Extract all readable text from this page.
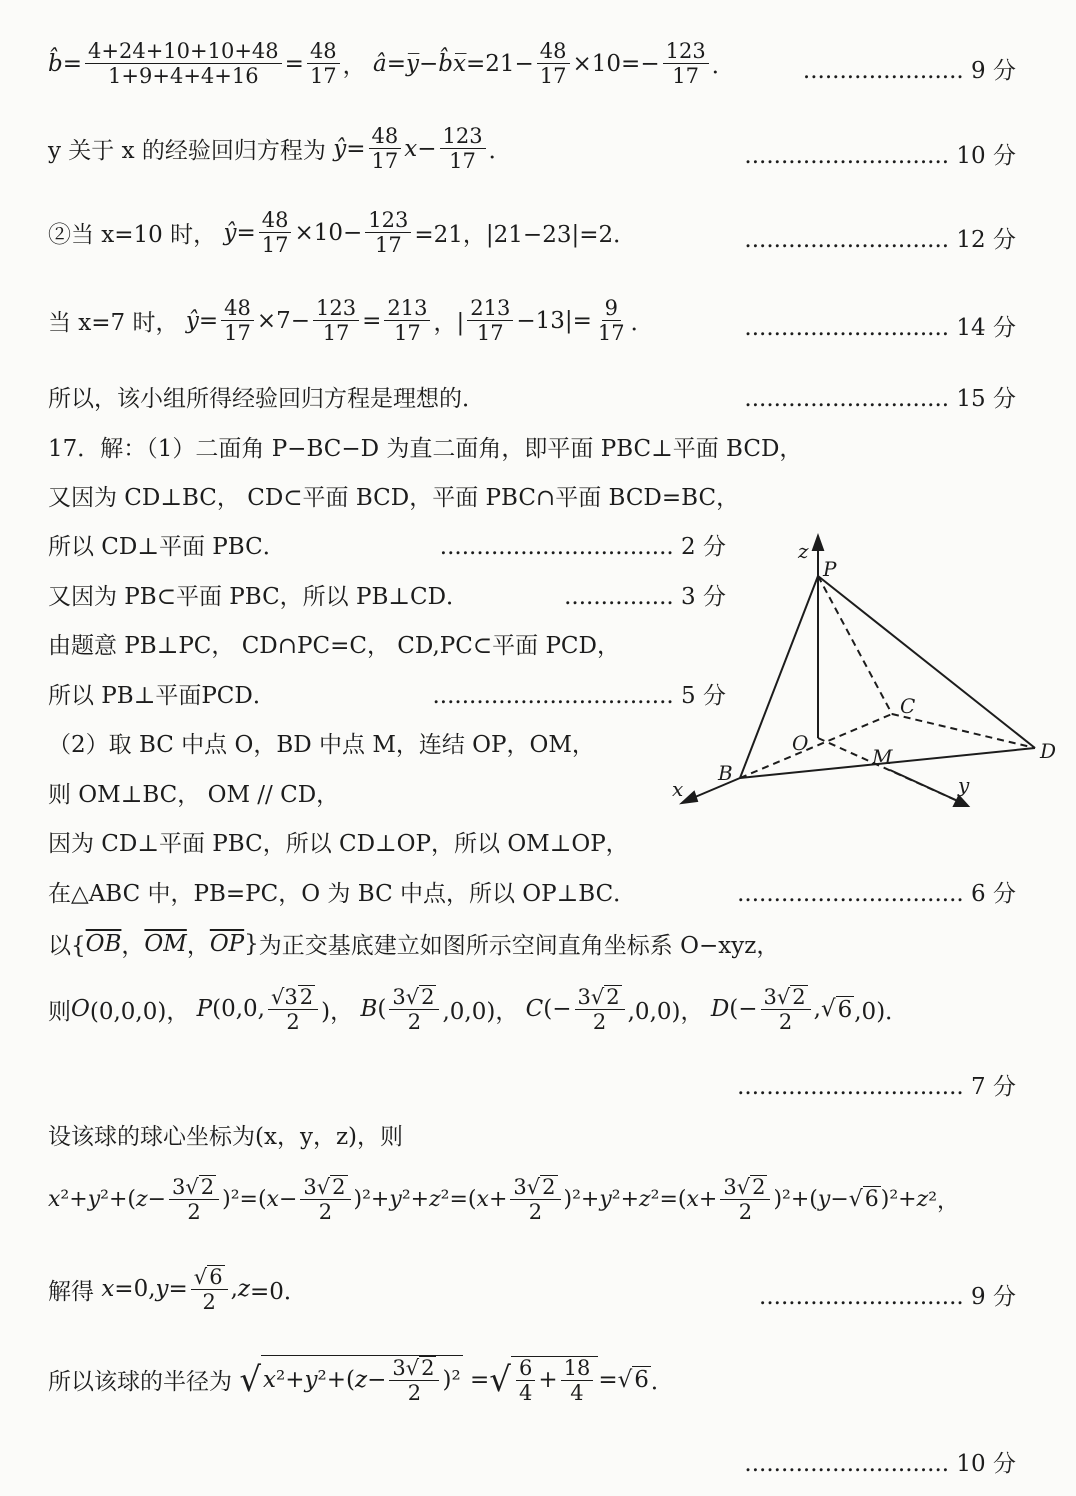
b̂ = 4+24+10+10+48
1+9+4+4+16 = 48
17 ， â = y̅ − b̂x̅ =21− 48
17 ×10=− 123
17 ．	...................... 9 分
y 关于 x 的经验回归方程为
ŷ = 48
17 x − 123
17 ．	............................ 10 分
②当 x=10 时，
ŷ = 48
17 ×10− 123
17 =21，|21−23|=2．	............................ 12 分
当 x=7 时，
ŷ = 48
17 ×7− 123
17 = 213
17 ，|
213
17 −13|= 9
17 ．	............................ 14 分
所以，该小组所得经验回归方程是理想的．	............................ 15 分
17．解：（1）二面角 P−BC−D 为直二面角，即平面 PBC⊥平面 BCD，
又因为 CD⊥BC， CD⊂平面 BCD，平面 PBC∩平面 BCD=BC，
所以 CD⊥平面 PBC．	................................ 2 分
又因为 PB⊂平面 PBC，所以 PB⊥CD．	............... 3 分
由题意 PB⊥PC， CD∩PC=C， CD,PC⊂平面 PCD，
所以 PB⊥平面PCD．	................................. 5 分
（2）取 BC 中点 O，BD 中点 M，连结 OP，OM，
则 OM⊥BC， OM // CD，
因为 CD⊥平面 PBC，所以 CD⊥OP，所以 OM⊥OP，
在△ABC 中，PB=PC，O 为 BC 中点，所以 OP⊥BC．	............................... 6 分
以{ $\overline{OB}$ ， $\overline{OM}$ ， $\overline{OP}$ } 为正交基底建立如图所示空间直角坐标系 O−xyz，
则 O (0,0,0)， P (0,0, √ 32
2 )， B ( 3√2
2 ,0,0)， C (− 3√2
2 ,0,0)， D (− 3√2
2 ,√ 6 ,0)．
............................... 7 分
设该球的球心坐标为(x，y，z)，则
x ²+ y ²+( z − 3√2
2
)²=( x − 3√2
2
)²+ y ²+ z ²=( x + 3√2
2
)²+ y ²+ z ²=( x + 3√2
2
)²+( y −√ 6 )²+ z ²，
解得
x =0, y = √6
2 , z =0．	............................ 9 分
所以该球的半径为
√ x ²+ y ²+( z − 3√2
2 )² = √ 6
4 + 18
4 =√ 6 ．
............................ 10 分
z
P
C
O
M	D
B
x	y
